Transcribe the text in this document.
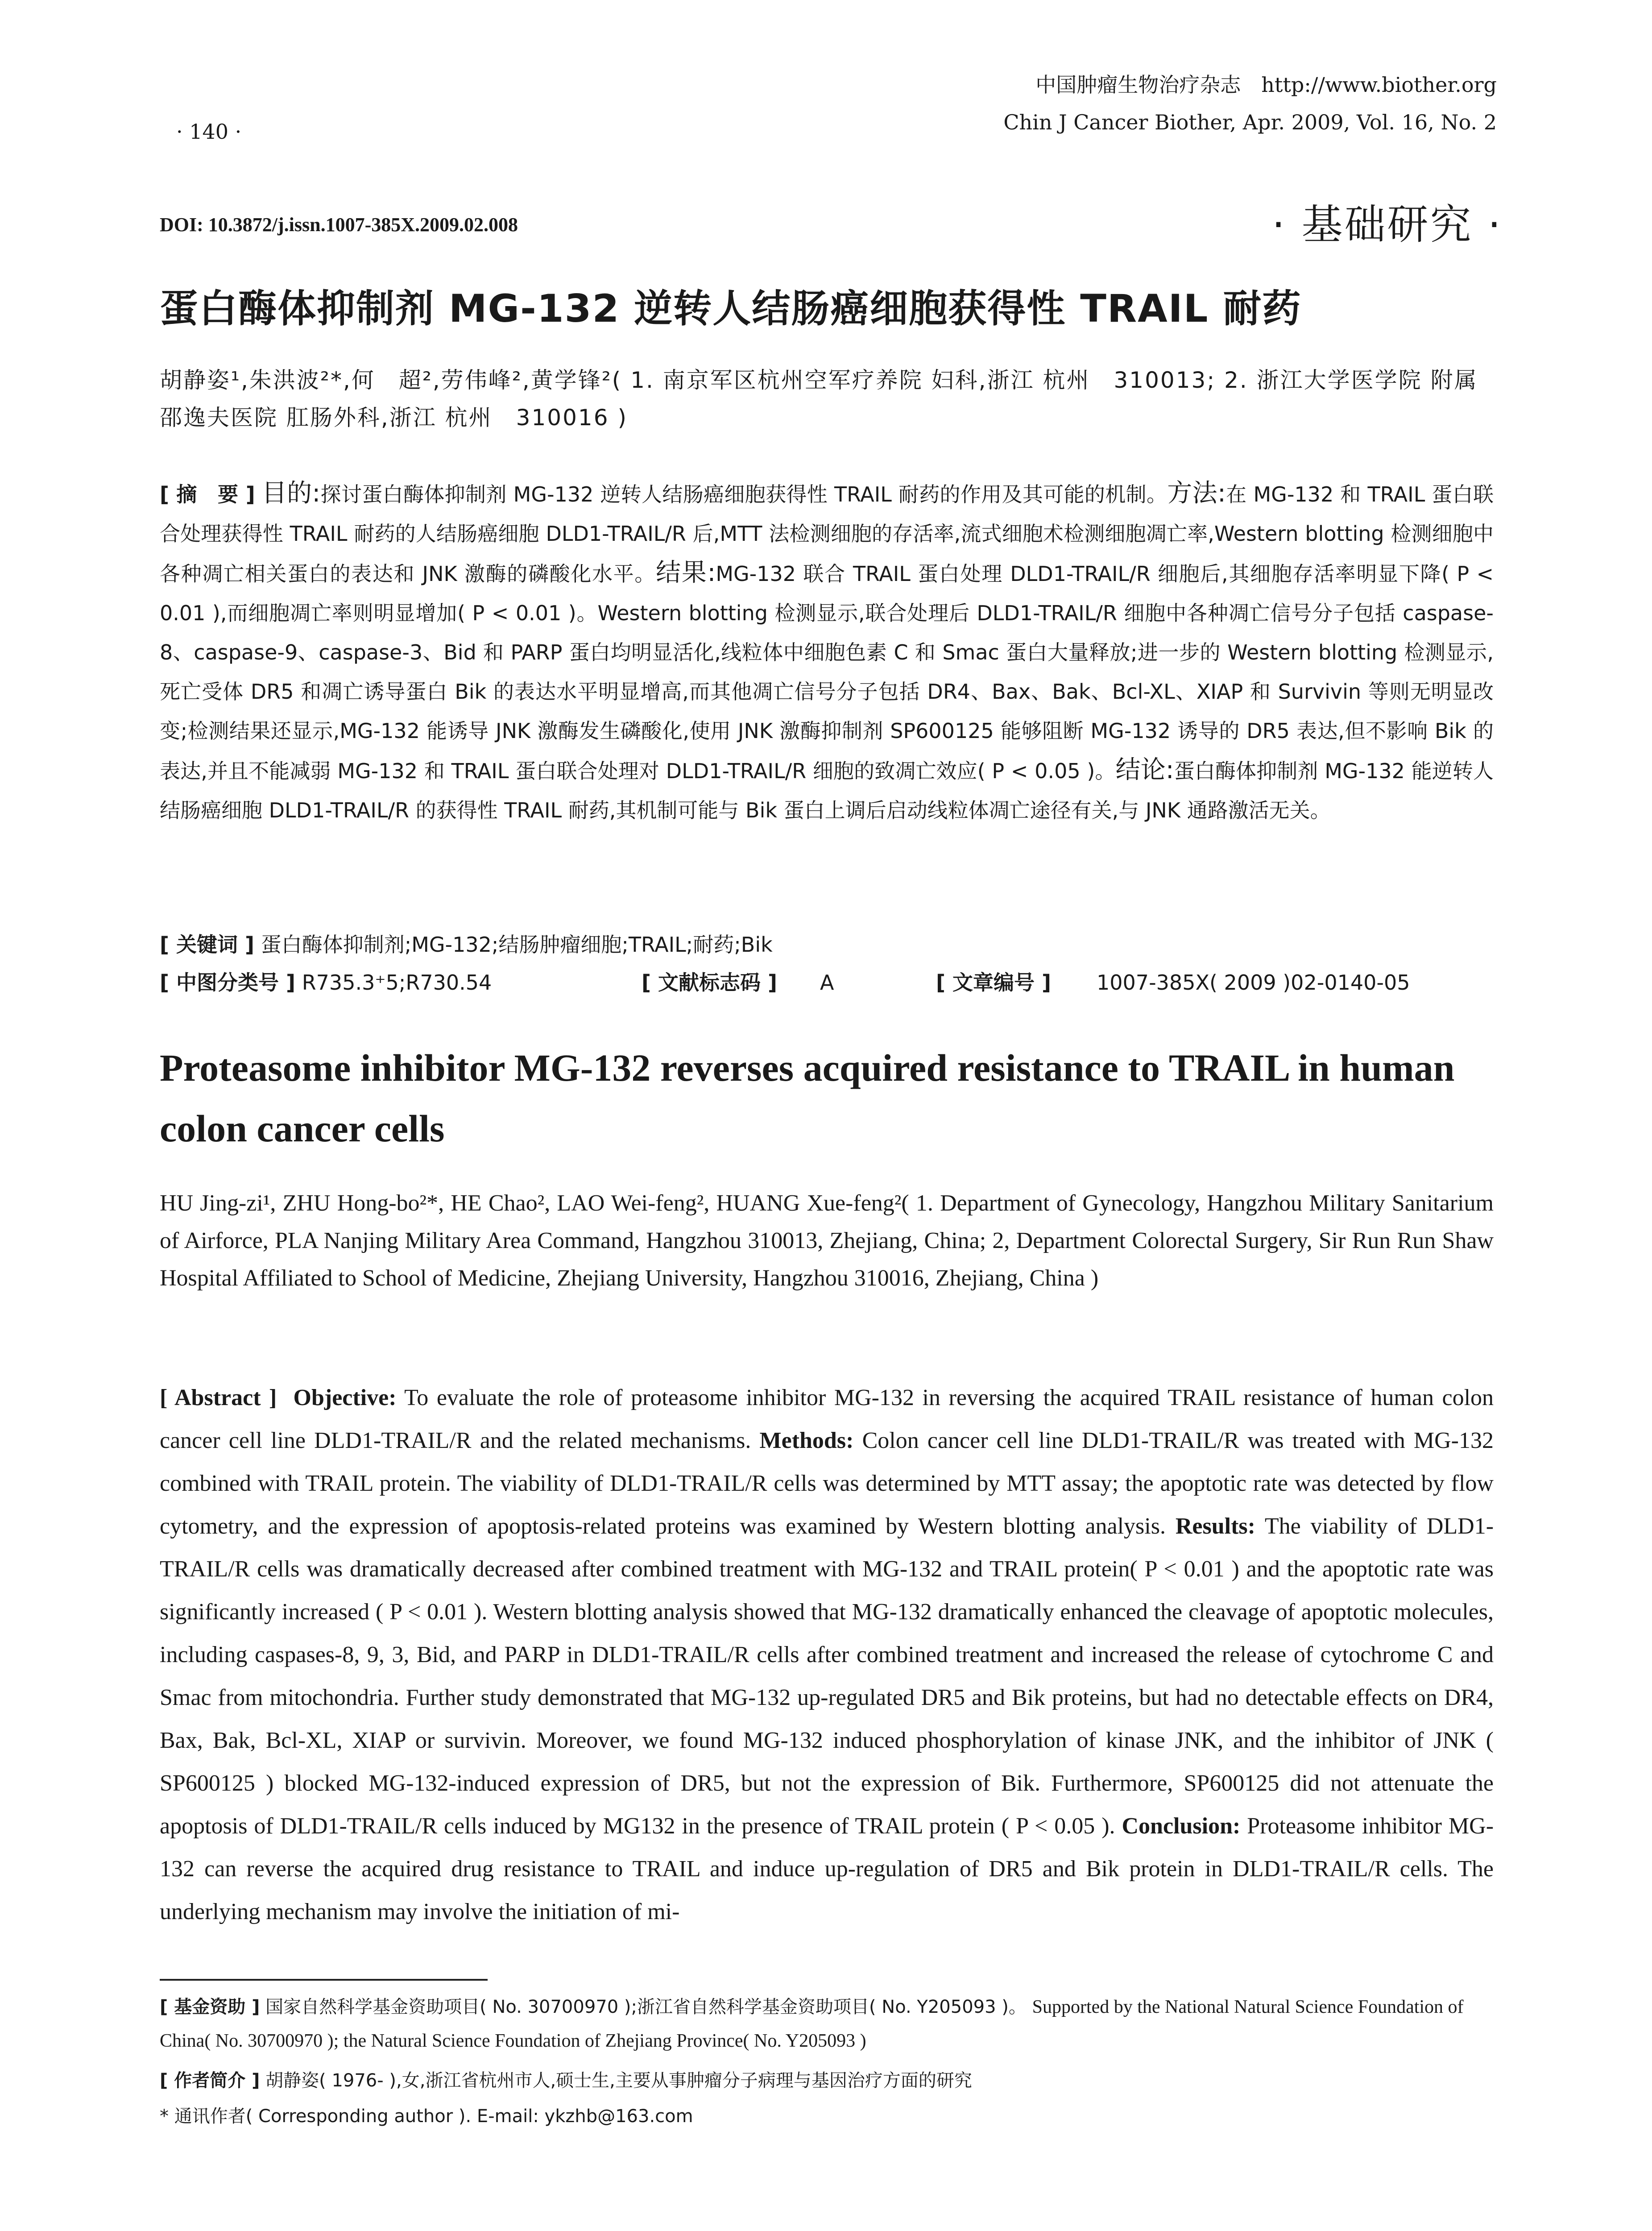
· 140 ·
中国肿瘤生物治疗杂志　http://www.biother.org
Chin J Cancer Biother, Apr. 2009, Vol. 16, No. 2
DOI: 10.3872/j.issn.1007-385X.2009.02.008	· 基础研究 ·
蛋白酶体抑制剂 MG-132 逆转人结肠癌细胞获得性 TRAIL 耐药
胡静姿¹,朱洪波²*,何　超²,劳伟峰²,黄学锋²( 1. 南京军区杭州空军疗养院 妇科,浙江 杭州　310013; 2. 浙江大学医学院 附属邵逸夫医院 肛肠外科,浙江 杭州　310016 )
[ 摘　要 ] 目的:探讨蛋白酶体抑制剂 MG-132 逆转人结肠癌细胞获得性 TRAIL 耐药的作用及其可能的机制。方法:在 MG-132 和 TRAIL 蛋白联合处理获得性 TRAIL 耐药的人结肠癌细胞 DLD1-TRAIL/R 后,MTT 法检测细胞的存活率,流式细胞术检测细胞凋亡率,Western blotting 检测细胞中各种凋亡相关蛋白的表达和 JNK 激酶的磷酸化水平。结果:MG-132 联合 TRAIL 蛋白处理 DLD1-TRAIL/R 细胞后,其细胞存活率明显下降( P < 0.01 ),而细胞凋亡率则明显增加( P < 0.01 )。Western blotting 检测显示,联合处理后 DLD1-TRAIL/R 细胞中各种凋亡信号分子包括 caspase-8、caspase-9、caspase-3、Bid 和 PARP 蛋白均明显活化,线粒体中细胞色素 C 和 Smac 蛋白大量释放;进一步的 Western blotting 检测显示,死亡受体 DR5 和凋亡诱导蛋白 Bik 的表达水平明显增高,而其他凋亡信号分子包括 DR4、Bax、Bak、Bcl-XL、XIAP 和 Survivin 等则无明显改变;检测结果还显示,MG-132 能诱导 JNK 激酶发生磷酸化,使用 JNK 激酶抑制剂 SP600125 能够阻断 MG-132 诱导的 DR5 表达,但不影响 Bik 的表达,并且不能减弱 MG-132 和 TRAIL 蛋白联合处理对 DLD1-TRAIL/R 细胞的致凋亡效应( P < 0.05 )。结论:蛋白酶体抑制剂 MG-132 能逆转人结肠癌细胞 DLD1-TRAIL/R 的获得性 TRAIL 耐药,其机制可能与 Bik 蛋白上调后启动线粒体凋亡途径有关,与 JNK 通路激活无关。
[ 关键词 ] 蛋白酶体抑制剂;MG-132;结肠肿瘤细胞;TRAIL;耐药;Bik
[ 中图分类号 ] R735.3⁺5;R730.54	[ 文献标志码 ] A	[ 文章编号 ] 1007-385X( 2009 )02-0140-05
Proteasome inhibitor MG-132 reverses acquired resistance to TRAIL in human colon cancer cells
HU Jing-zi¹, ZHU Hong-bo²*, HE Chao², LAO Wei-feng², HUANG Xue-feng²( 1. Department of Gynecology, Hangzhou Military Sanitarium of Airforce, PLA Nanjing Military Area Command, Hangzhou 310013, Zhejiang, China; 2, Department Colorectal Surgery, Sir Run Run Shaw Hospital Affiliated to School of Medicine, Zhejiang University, Hangzhou 310016, Zhejiang, China )
[ Abstract ] Objective: To evaluate the role of proteasome inhibitor MG-132 in reversing the acquired TRAIL resistance of human colon cancer cell line DLD1-TRAIL/R and the related mechanisms. Methods: Colon cancer cell line DLD1-TRAIL/R was treated with MG-132 combined with TRAIL protein. The viability of DLD1-TRAIL/R cells was determined by MTT assay; the apoptotic rate was detected by flow cytometry, and the expression of apoptosis-related proteins was examined by Western blotting analysis. Results: The viability of DLD1-TRAIL/R cells was dramatically decreased after combined treatment with MG-132 and TRAIL protein( P < 0.01 ) and the apoptotic rate was significantly increased ( P < 0.01 ). Western blotting analysis showed that MG-132 dramatically enhanced the cleavage of apoptotic molecules, including caspases-8, 9, 3, Bid, and PARP in DLD1-TRAIL/R cells after combined treatment and increased the release of cytochrome C and Smac from mitochondria. Further study demonstrated that MG-132 up-regulated DR5 and Bik proteins, but had no detectable effects on DR4, Bax, Bak, Bcl-XL, XIAP or survivin. Moreover, we found MG-132 induced phosphorylation of kinase JNK, and the inhibitor of JNK ( SP600125 ) blocked MG-132-induced expression of DR5, but not the expression of Bik. Furthermore, SP600125 did not attenuate the apoptosis of DLD1-TRAIL/R cells induced by MG132 in the presence of TRAIL protein ( P < 0.05 ). Conclusion: Proteasome inhibitor MG-132 can reverse the acquired drug resistance to TRAIL and induce up-regulation of DR5 and Bik protein in DLD1-TRAIL/R cells. The underlying mechanism may involve the initiation of mi-
[ 基金资助 ] 国家自然科学基金资助项目( No. 30700970 );浙江省自然科学基金资助项目( No. Y205093 )。 Supported by the National Natural Science Foundation of China( No. 30700970 ); the Natural Science Foundation of Zhejiang Province( No. Y205093 )
[ 作者简介 ] 胡静姿( 1976- ),女,浙江省杭州市人,硕士生,主要从事肿瘤分子病理与基因治疗方面的研究
* 通讯作者( Corresponding author ). E-mail: ykzhb@163.com
